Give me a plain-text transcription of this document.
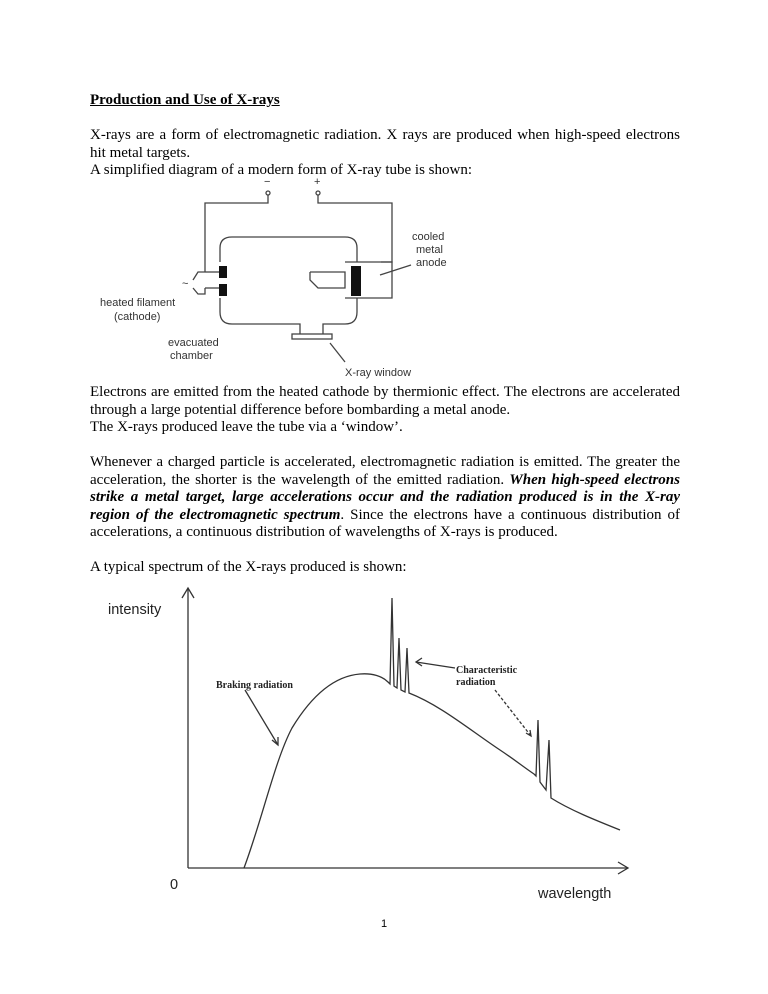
Production and Use of X-rays

X-rays are a form of electromagnetic radiation. X rays are produced when high-speed electrons hit metal targets.

A simplified diagram of a modern form of X-ray tube is shown:

−	+
~
cooled
metal
anode
heated filament
(cathode)
evacuated
chamber
X-ray window

Electrons are emitted from the heated cathode by thermionic effect. The electrons are accelerated through a large potential difference before bombarding a metal anode.

The X-rays produced leave the tube via a ‘window’.

Whenever a charged particle is accelerated, electromagnetic radiation is emitted. The greater the acceleration, the shorter is the wavelength of the emitted radiation. When high-speed electrons strike a metal target, large accelerations occur and the radiation produced is in the X-ray region of the electromagnetic spectrum. Since the electrons have a continuous distribution of accelerations, a continuous distribution of wavelengths of X-rays is produced.

A typical spectrum of the X-rays produced is shown:

intensity
wavelength
0
Braking radiation
Characteristic
radiation
1
